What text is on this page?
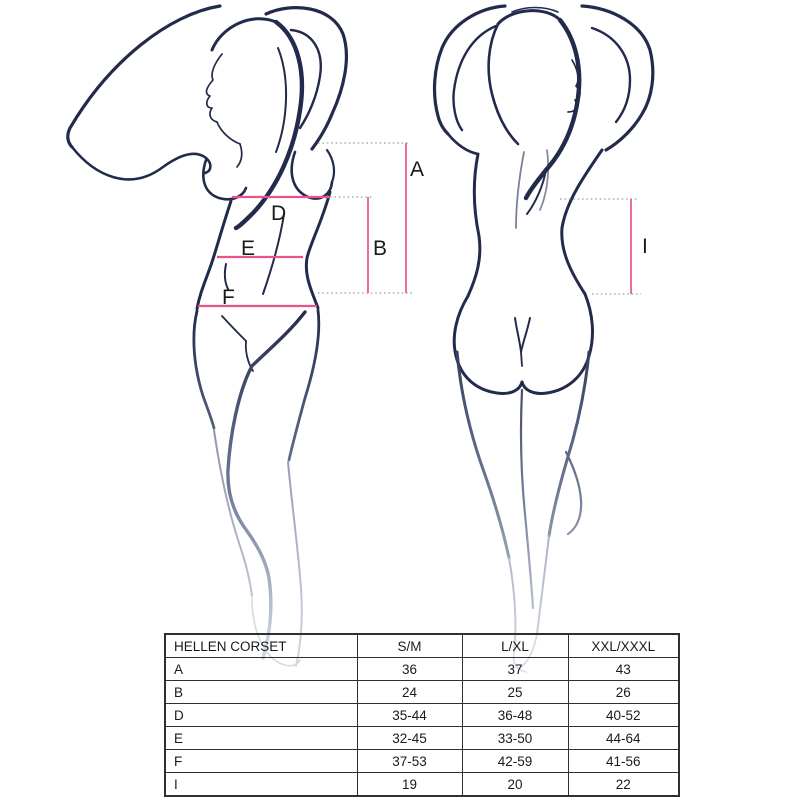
A
B
D
E
F
I
HELLEN CORSET	S/M	L/XL	XXL/XXXL
A	36	37	43
B	24	25	26
D	35-44	36-48	40-52
E	32-45	33-50	44-64
F	37-53	42-59	41-56
I	19	20	22
